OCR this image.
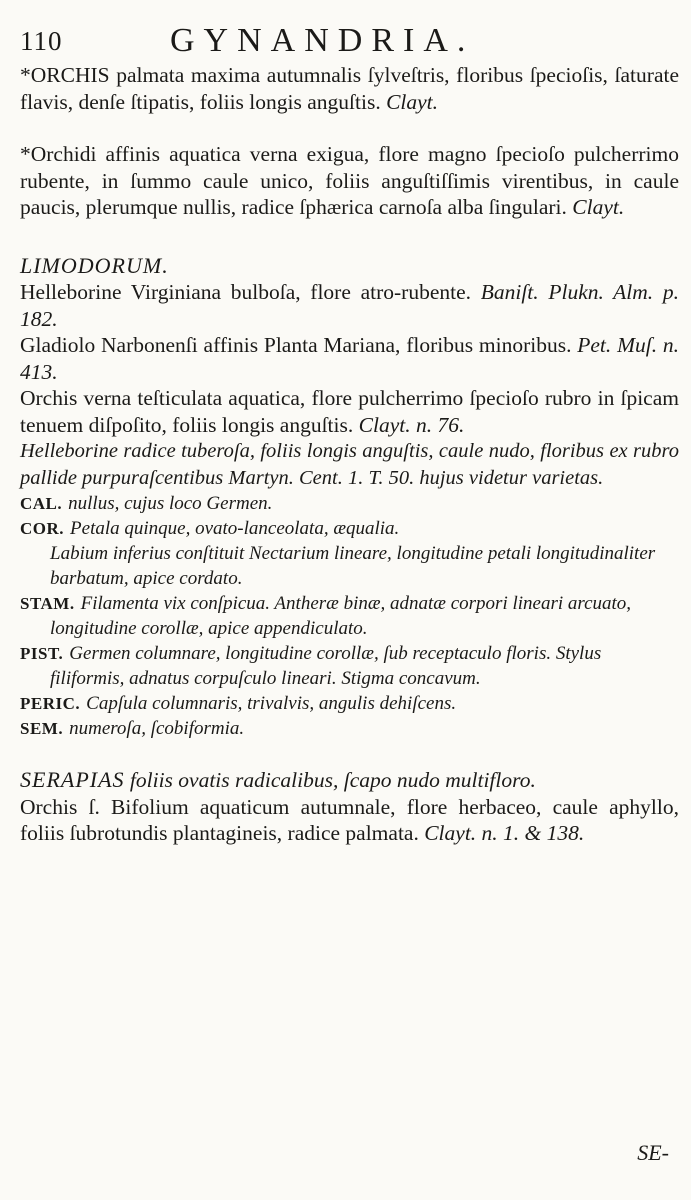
110	GYNANDRIA.

*ORCHIS palmata maxima autumnalis ſylveſtris, floribus ſpecioſis, ſaturate flavis, denſe ſtipatis, foliis longis anguſtis. Clayt.

*Orchidi affinis aquatica verna exigua, flore magno ſpecioſo pulcherrimo rubente, in ſummo caule unico, foliis anguſtiſſimis virentibus, in caule paucis, plerumque nullis, radice ſphærica carnoſa alba ſingulari. Clayt.

LIMODORUM.

Helleborine Virginiana bulboſa, flore atro-rubente. Baniſt. Plukn. Alm. p. 182.

Gladiolo Narbonenſi affinis Planta Mariana, floribus minoribus. Pet. Muſ. n. 413.

Orchis verna teſticulata aquatica, flore pulcherrimo ſpecioſo rubro in ſpicam tenuem diſpoſito, foliis longis anguſtis. Clayt. n. 76.

Helleborine radice tuberoſa, foliis longis anguſtis, caule nudo, floribus ex rubro pallide purpuraſcentibus Martyn. Cent. 1. T. 50. hujus videtur varietas.

CAL. nullus, cujus loco Germen.

COR. Petala quinque, ovato-lanceolata, æqualia.

Labium inferius conſtituit Nectarium lineare, longitudine petali longitudinaliter barbatum, apice cordato.

STAM. Filamenta vix conſpicua. Antheræ binæ, adnatæ corpori lineari arcuato, longitudine corollæ, apice appendiculato.

PIST. Germen columnare, longitudine corollæ, ſub receptaculo floris. Stylus filiformis, adnatus corpuſculo lineari. Stigma concavum.

PERIC. Capſula columnaris, trivalvis, angulis dehiſcens.

SEM. numeroſa, ſcobiformia.

SERAPIAS foliis ovatis radicalibus, ſcapo nudo multifloro.

Orchis ſ. Bifolium aquaticum autumnale, flore herbaceo, caule aphyllo, foliis ſubrotundis plantagineis, radice palmata. Clayt. n. 1. & 138.

SE-
